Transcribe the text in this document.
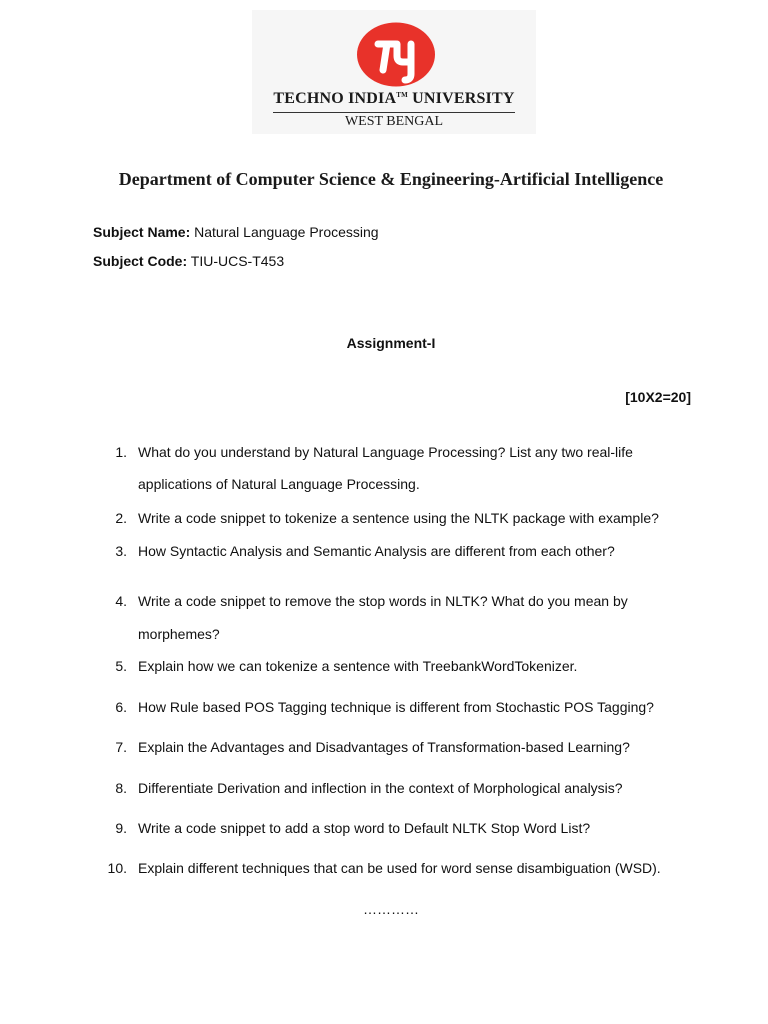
TECHNO INDIA™ UNIVERSITY
WEST BENGAL
Department of Computer Science & Engineering-Artificial Intelligence
Subject Name: Natural Language Processing
Subject Code: TIU-UCS-T453
Assignment-I
[10X2=20]
1. What do you understand by Natural Language Processing? List any two real-life
applications of Natural Language Processing.
2. Write a code snippet to tokenize a sentence using the NLTK package with example?
3. How Syntactic Analysis and Semantic Analysis are different from each other?
4. Write a code snippet to remove the stop words in NLTK? What do you mean by
morphemes?
5. Explain how we can tokenize a sentence with TreebankWordTokenizer.
6. How Rule based POS Tagging technique is different from Stochastic POS Tagging?
7. Explain the Advantages and Disadvantages of Transformation-based Learning?
8. Differentiate Derivation and inflection in the context of Morphological analysis?
9. Write a code snippet to add a stop word to Default NLTK Stop Word List?
10. Explain different techniques that can be used for word sense disambiguation (WSD).
…………
